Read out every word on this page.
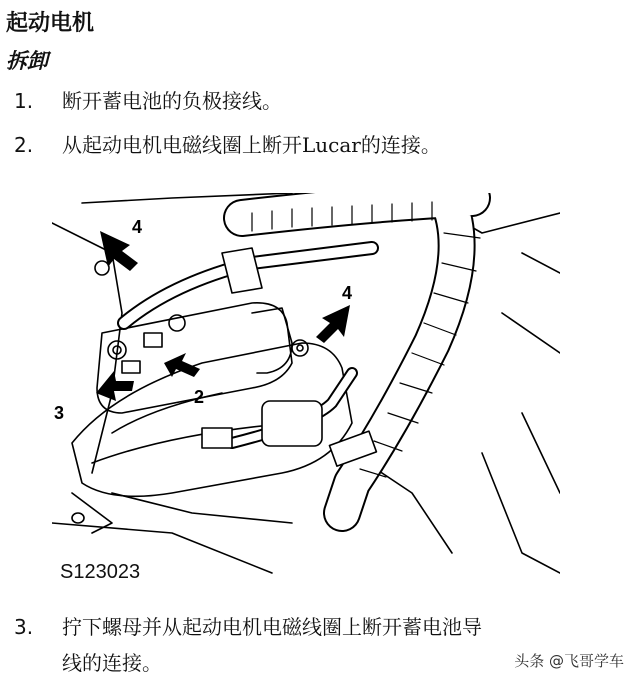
起动电机
拆卸
1. 断开蓄电池的负极接线。
2. 从起动电机电磁线圈上断开Lucar的连接。
4
4
2
3
S123023
3. 拧下螺母并从起动电机电磁线圈上断开蓄电池导
线的连接。	头条 @飞哥学车
